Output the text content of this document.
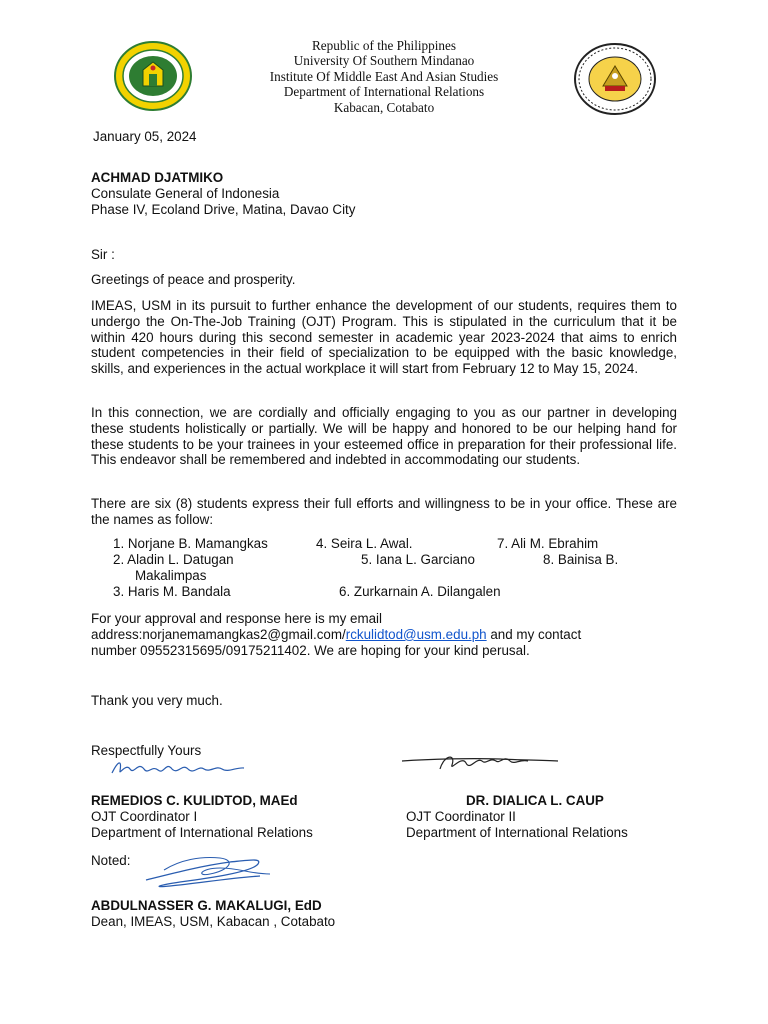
Republic of the Philippines
University Of Southern Mindanao
Institute Of Middle East And Asian Studies
Department of International Relations
Kabacan, Cotabato
January 05, 2024
ACHMAD DJATMIKO
Consulate General of Indonesia
Phase IV, Ecoland Drive, Matina, Davao City
Sir :
Greetings of peace and prosperity.
IMEAS, USM in its pursuit to further enhance the development of our students, requires them to undergo the On-The-Job Training (OJT) Program. This is stipulated in the curriculum that it be within 420 hours during this second semester in academic year 2023-2024 that aims to enrich student competencies in their field of specialization to be equipped with the basic knowledge, skills, and experiences in the actual workplace it will start from February 12 to May 15, 2024.
In this connection, we are cordially and officially engaging to you as our partner in developing these students holistically or partially. We will be happy and honored to be our helping hand for these students to be your trainees in your esteemed office in preparation for their professional life. This endeavor shall be remembered and indebted in accommodating our students.
There are six (8) students express their full efforts and willingness to be in your office. These are the names as follow:
1. Norjane B. Mamangkas	4. Seira L. Awal.	7. Ali M. Ebrahim
2. Aladin L. Datugan	5. Iana L. Garciano	8. Bainisa B.
Makalimpas
3. Haris M. Bandala	6. Zurkarnain A. Dilangalen
For your approval and response here is my email
address:norjanemamangkas2@gmail.com/rckulidtod@usm.edu.ph and my contact
number 09552315695/09175211402. We are hoping for your kind perusal.
Thank you very much.
Respectfully Yours
REMEDIOS C. KULIDTOD, MAEd
OJT Coordinator I
Department of International Relations
DR. DIALICA L. CAUP
OJT Coordinator II
Department of International Relations
Noted:
ABDULNASSER G. MAKALUGI, EdD
Dean, IMEAS, USM, Kabacan , Cotabato
